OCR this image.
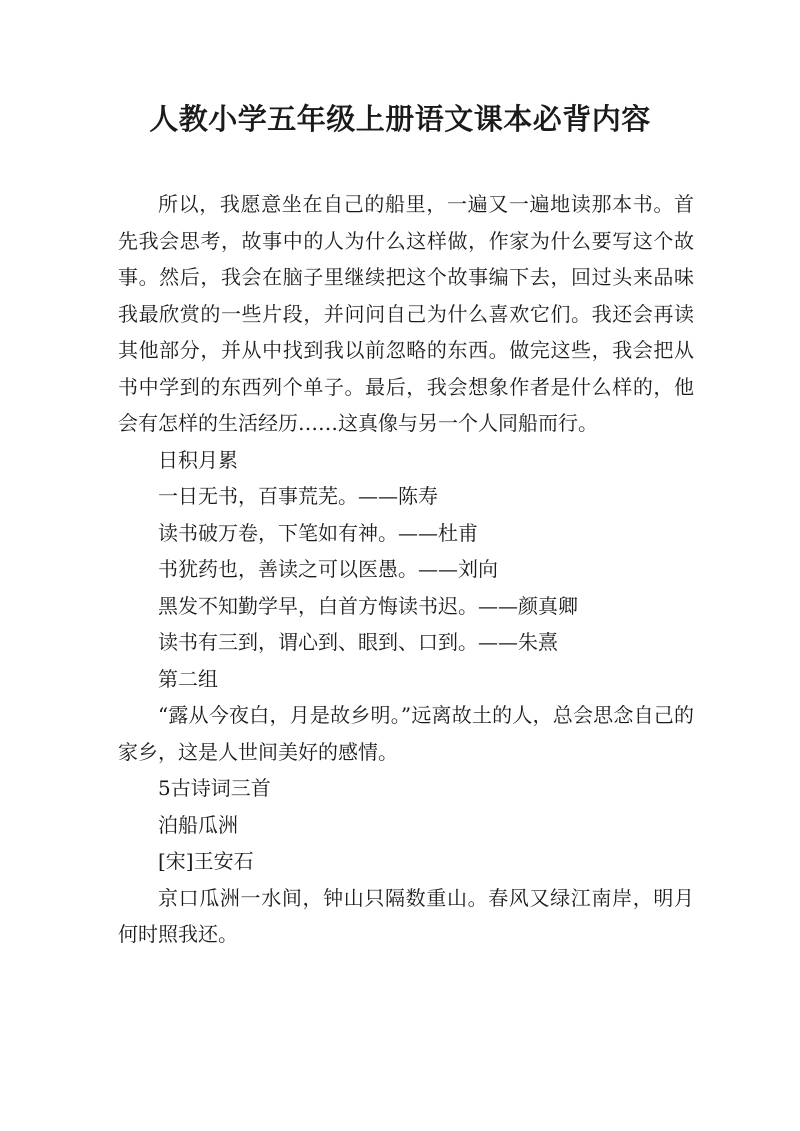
人教小学五年级上册语文课本必背内容

所以，我愿意坐在自己的船里，一遍又一遍地读那本书。首先我会思考，故事中的人为什么这样做，作家为什么要写这个故事。然后，我会在脑子里继续把这个故事编下去，回过头来品味我最欣赏的一些片段，并问问自己为什么喜欢它们。我还会再读其他部分，并从中找到我以前忽略的东西。做完这些，我会把从书中学到的东西列个单子。最后，我会想象作者是什么样的，他会有怎样的生活经历……这真像与另一个人同船而行。

日积月累

一日无书，百事荒芜。——陈寿

读书破万卷，下笔如有神。——杜甫

书犹药也，善读之可以医愚。——刘向

黑发不知勤学早，白首方悔读书迟。——颜真卿

读书有三到，谓心到、眼到、口到。——朱熹

第二组

“露从今夜白，月是故乡明。”远离故土的人，总会思念自己的家乡，这是人世间美好的感情。

5古诗词三首

泊船瓜洲

[宋]王安石

京口瓜洲一水间，钟山只隔数重山。春风又绿江南岸，明月何时照我还。
